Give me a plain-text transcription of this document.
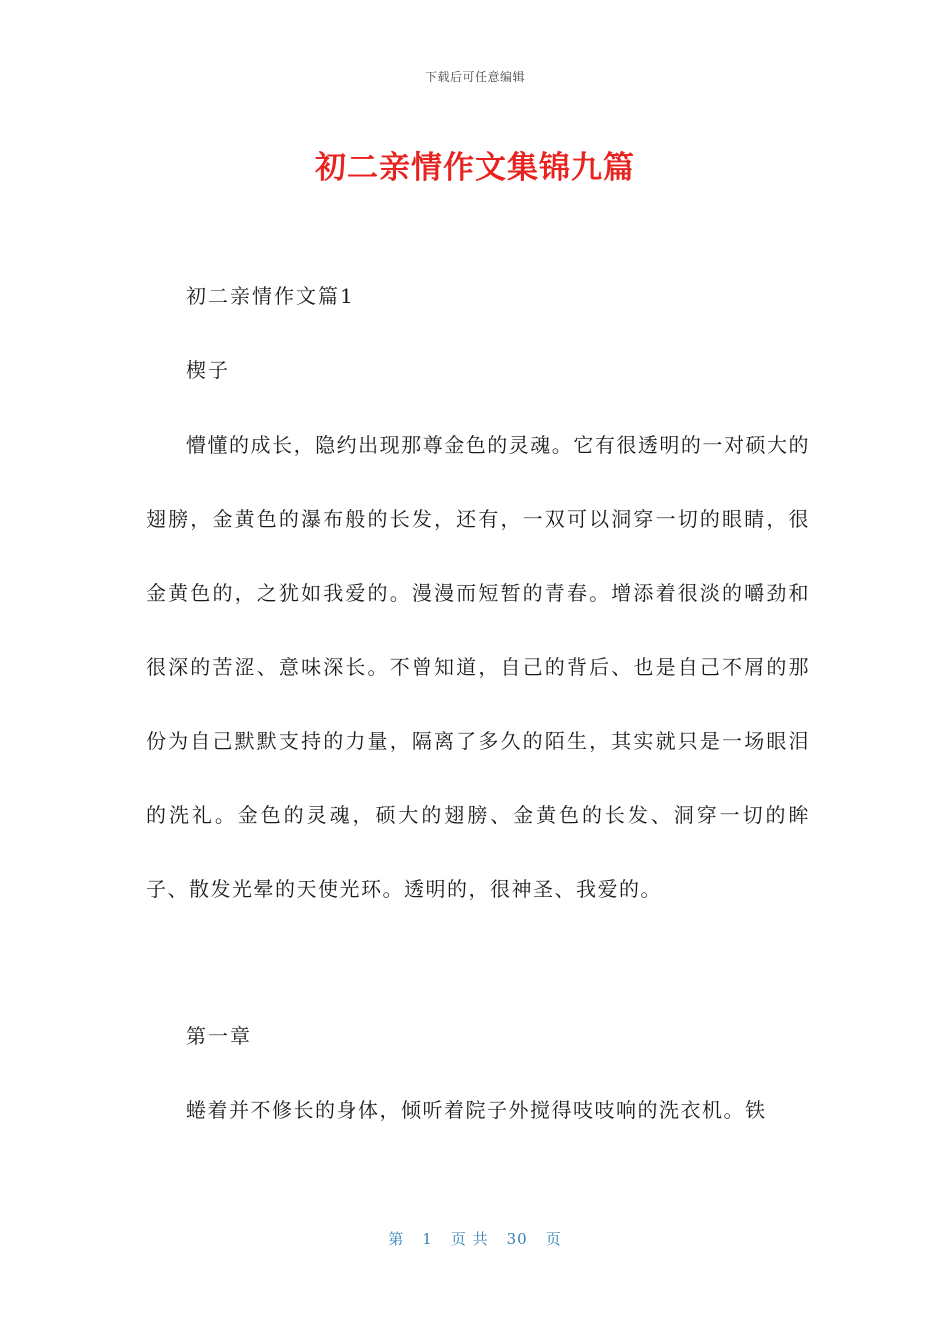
下载后可任意编辑
初二亲情作文集锦九篇

初二亲情作文篇1

楔子

懵懂的成长，隐约出现那尊金色的灵魂。它有很透明的一对硕大的翅膀，金黄色的瀑布般的长发，还有，一双可以洞穿一切的眼睛，很金黄色的，之犹如我爱的。漫漫而短暂的青春。增添着很淡的嚼劲和很深的苦涩、意味深长。不曾知道，自己的背后、也是自己不屑的那份为自己默默支持的力量，隔离了多久的陌生，其实就只是一场眼泪的洗礼。金色的灵魂，硕大的翅膀、金黄色的长发、洞穿一切的眸子、散发光晕的天使光环。透明的，很神圣、我爱的。

第一章

蜷着并不修长的身体，倾听着院子外搅得吱吱响的洗衣机。铁

第 1 页 共 30 页
